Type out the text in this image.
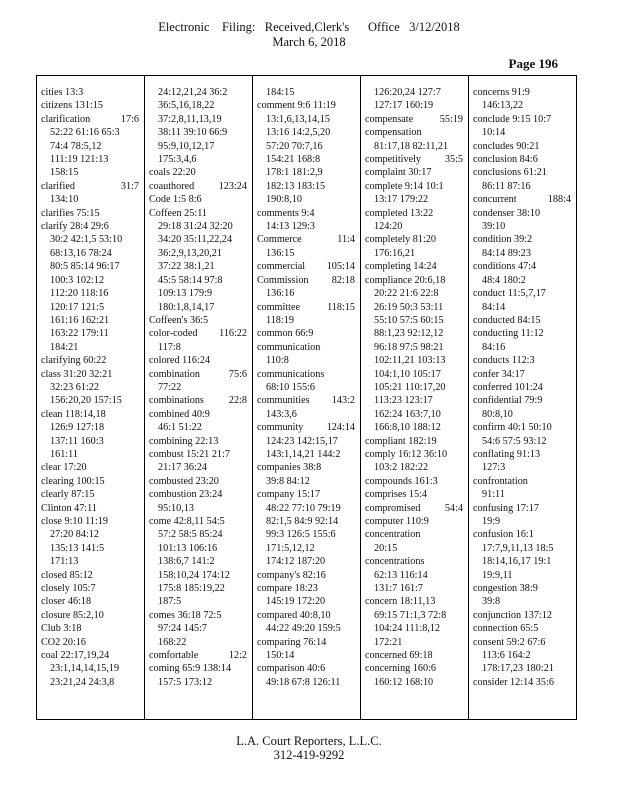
Electronic    Filing:   Received,Clerk's      Office   3/12/2018
March 6, 2018
Page 196
cities 13:3
citizens 131:15
clarification	17:6
52:22 61:16 65:3
74:4 78:5,12
111:19 121:13
158:15
clarified	31:7
134:10
clarifies 75:15
clarify 28:4 29:6
30:2 42:1,5 53:10
68:13,16 78:24
80:5 85:14 96:17
100:3 102:12
112:20 118:16
120:17 121:5
161:16 162:21
163:22 179:11
184:21
clarifying 60:22
class 31:20 32:21
32:23 61:22
156:20,20 157:15
clean 118:14,18
126:9 127:18
137:11 160:3
161:11
clear 17:20
clearing 100:15
clearly 87:15
Clinton 47:11
close 9:10 11:19
27:20 84:12
135:13 141:5
171:13
closed 85:12
closely 105:7
closer 46:18
closure 85:2,10
Club 3:18
CO2 20:16
coal 22:17,19,24
23:1,14,14,15,19
23:21,24 24:3,8
24:12,21,24 36:2
36:5,16,18,22
37:2,8,11,13,19
38:11 39:10 66:9
95:9,10,12,17
175:3,4,6
coals 22:20
coauthored 123:24
Code 1:5 8:6
Coffeen 25:11
29:18 31:24 32:20
34:20 35:11,22,24
36:2,9,13,20,21
37:22 38:1,21
45:5 58:14 97:8
109:13 179:9
180:1,8,14,17
Coffeen's 36:5
color-coded 116:22
117:8
colored 116:24
combination	75:6
77:22
combinations 22:8
combined 40:9
46:1 51:22
combining 22:13
combust 15:21 21:7
21:17 36:24
combusted 23:20
combustion 23:24
95:10,13
come 42:8,11 54:5
57:2 58:5 85:24
101:13 106:16
138:6,7 141:2
158:10,24 174:12
175:8 185:19,22
187:5
comes 36:18 72:5
97:24 145:7
168:22
comfortable	12:2
coming 65:9 138:14
157:5 173:12
184:15
comment 9:6 11:19
13:1,6,13,14,15
13:16 14:2,5,20
57:20 70:7,16
154:21 168:8
178:1 181:2,9
182:13 183:15
190:8,10
comments 9:4
14:13 129:3
Commerce	11:4
136:15
commercial 105:14
Commission 82:18
136:16
committee	118:15
118:19
common 66:9
communication
110:8
communications
68:10 155:6
communities 143:2
143:3,6
community 124:14
124:23 142:15,17
143:1,14,21 144:2
companies 38:8
39:8 84:12
company 15:17
48:22 77:10 79:19
82:1,5 84:9 92:14
99:3 126:5 155:6
171:5,12,12
174:12 187:20
company's 82:16
compare 18:23
145:19 172:20
compared 40:8,10
44:22 49:20 159:5
comparing 76:14
150:14
comparison 40:6
49:18 67:8 126:11
126:20,24 127:7
127:17 160:19
compensate	55:19
compensation
81:17,18 82:11,21
competitively 35:5
complaint 30:17
complete 9:14 10:1
13:17 179:22
completed 13:22
124:20
completely 81:20
176:16,21
completing 14:24
compliance 20:6,18
20:22 21:6 22:8
26:19 50:3 53:11
55:10 57:5 60:15
88:1,23 92:12,12
96:18 97:5 98:21
102:11,21 103:13
104:1,10 105:17
105:21 110:17,20
113:23 123:17
162:24 163:7,10
166:8,10 188:12
compliant 182:19
comply 16:12 36:10
103:2 182:22
compounds 161:3
comprises 15:4
compromised 54:4
computer 110:9
concentration
20:15
concentrations
62:13 116:14
131:7 161:7
concern 18:11,13
69:15 71:1,3 72:8
104:24 111:8,12
172:21
concerned 69:18
concerning 160:6
160:12 168:10
concerns 91:9
146:13,22
conclude 9:15 10:7
10:14
concludes 90:21
conclusion 84:6
conclusions 61:21
86:11 87:16
concurrent	188:4
condenser 38:10
39:10
condition 39:2
84:14 89:23
conditions 47:4
48:4 180:2
conduct 11:5,7,17
84:14
conducted 84:15
conducting 11:12
84:16
conducts 112:3
confer 34:17
conferred 101:24
confidential 79:9
80:8,10
confirm 40:1 50:10
54:6 57:5 93:12
conflating 91:13
127:3
confrontation
91:11
confusing 17:17
19:9
confusion 16:1
17:7,9,11,13 18:5
18:14,16,17 19:1
19:9,11
congestion 38:9
39:8
conjunction 137:12
connection 65:5
consent 59:2 67:6
113:6 164:2
178:17,23 180:21
consider 12:14 35:6
L.A. Court Reporters, L.L.C.
312-419-9292
